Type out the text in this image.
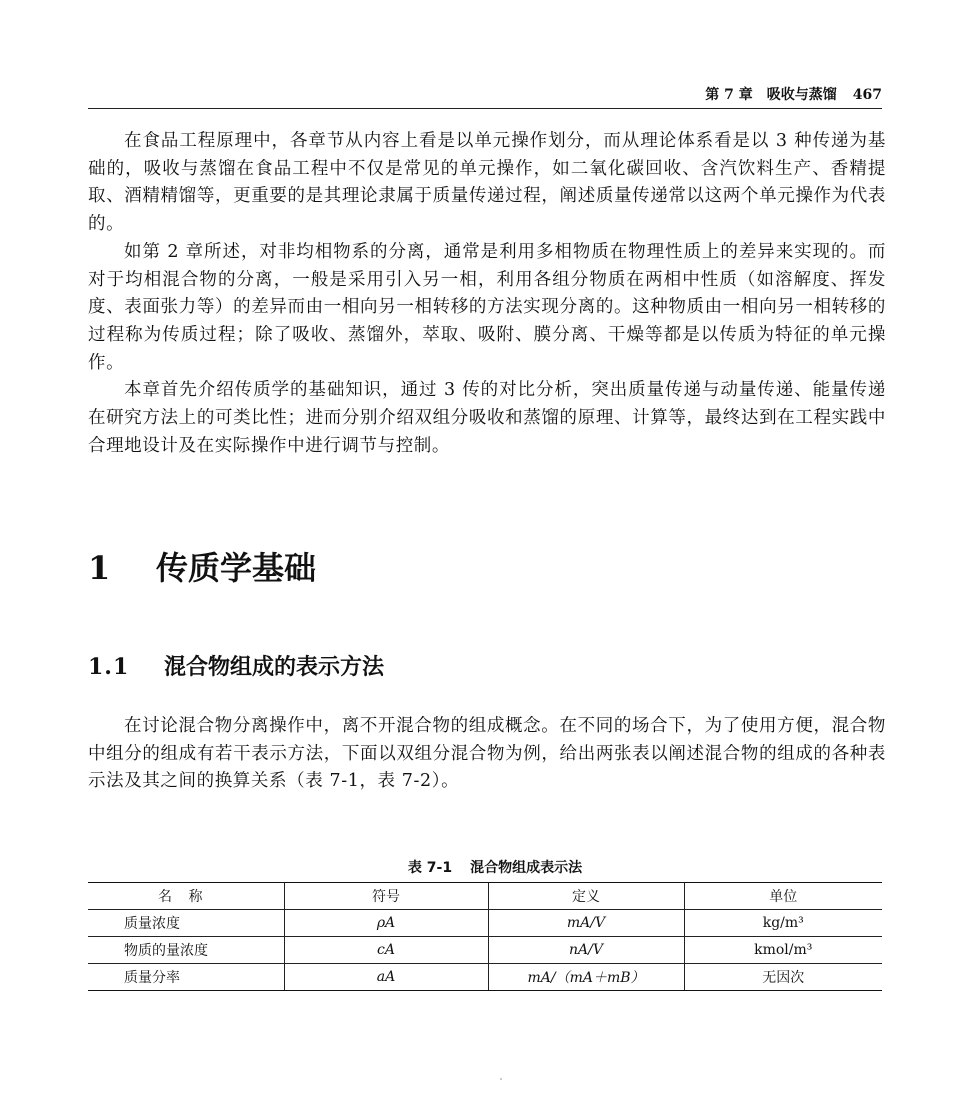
第 7 章 吸收与蒸馏 467

在食品工程原理中，各章节从内容上看是以单元操作划分，而从理论体系看是以 3 种传递为基础的，吸收与蒸馏在食品工程中不仅是常见的单元操作，如二氧化碳回收、含汽饮料生产、香精提取、酒精精馏等，更重要的是其理论隶属于质量传递过程，阐述质量传递常以这两个单元操作为代表的。

如第 2 章所述，对非均相物系的分离，通常是利用多相物质在物理性质上的差异来实现的。而对于均相混合物的分离，一般是采用引入另一相，利用各组分物质在两相中性质（如溶解度、挥发度、表面张力等）的差异而由一相向另一相转移的方法实现分离的。这种物质由一相向另一相转移的过程称为传质过程；除了吸收、蒸馏外，萃取、吸附、膜分离、干燥等都是以传质为特征的单元操作。

本章首先介绍传质学的基础知识，通过 3 传的对比分析，突出质量传递与动量传递、能量传递在研究方法上的可类比性；进而分别介绍双组分吸收和蒸馏的原理、计算等，最终达到在工程实践中合理地设计及在实际操作中进行调节与控制。

1 传质学基础
1.1 混合物组成的表示方法

在讨论混合物分离操作中，离不开混合物的组成概念。在不同的场合下，为了使用方便，混合物中组分的组成有若干表示方法，下面以双组分混合物为例，给出两张表以阐述混合物的组成的各种表示法及其之间的换算关系（表 7-1，表 7-2）。

表 7-1 混合物组成表示法
名 称	符号	定义	单位
质量浓度	ρA	mA/V	kg/m³
物质的量浓度	cA	nA/V	kmol/m³
质量分率	aA	mA/（mA＋mB）	无因次
